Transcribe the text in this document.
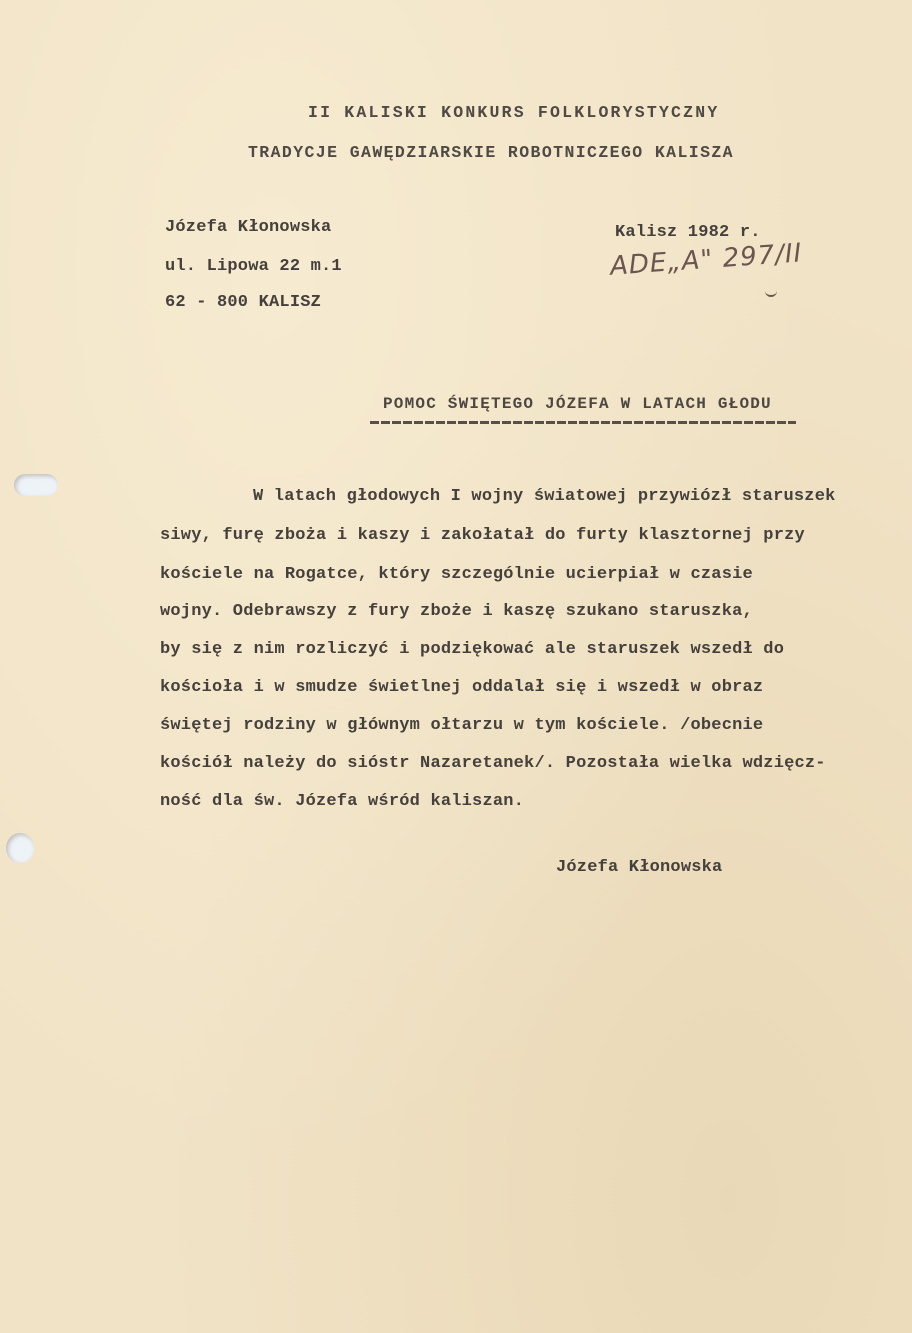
II KALISKI KONKURS FOLKLORYSTYCZNY
TRADYCJE GAWĘDZIARSKIE ROBOTNICZEGO KALISZA
Józefa Kłonowska
ul. Lipowa 22 m.1
62 - 800 KALISZ
Kalisz 1982 r.
ADE„A" 297/II
POMOC ŚWIĘTEGO JÓZEFA W LATACH GŁODU
W latach głodowych I wojny światowej przywiózł staruszek
siwy, furę zboża i kaszy i zakołatał do furty klasztornej przy
kościele na Rogatce, który szczególnie ucierpiał w czasie
wojny. Odebrawszy z fury zboże i kaszę szukano staruszka,
by się z nim rozliczyć i podziękować ale staruszek wszedł do
kościoła i w smudze świetlnej oddalał się i wszedł w obraz
świętej rodziny w głównym ołtarzu w tym kościele. /obecnie
kościół należy do sióstr Nazaretanek/. Pozostała wielka wdzięcz-
ność dla św. Józefa wśród kaliszan.
Józefa Kłonowska
